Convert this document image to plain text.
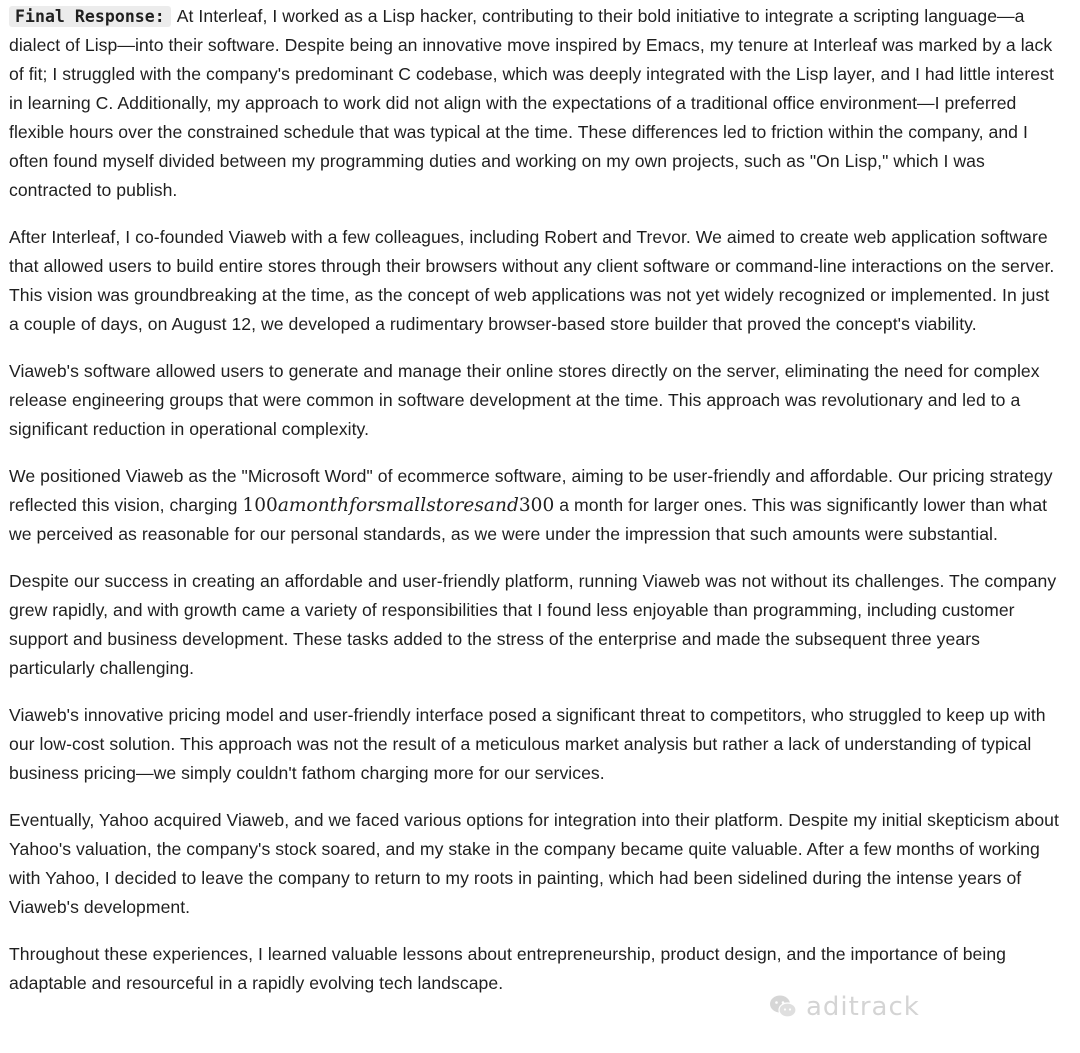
Final Response: At Interleaf, I worked as a Lisp hacker, contributing to their bold initiative to integrate a scripting language—a dialect of Lisp—into their software. Despite being an innovative move inspired by Emacs, my tenure at Interleaf was marked by a lack of fit; I struggled with the company's predominant C codebase, which was deeply integrated with the Lisp layer, and I had little interest in learning C. Additionally, my approach to work did not align with the expectations of a traditional office environment—I preferred flexible hours over the constrained schedule that was typical at the time. These differences led to friction within the company, and I often found myself divided between my programming duties and working on my own projects, such as "On Lisp," which I was contracted to publish.

After Interleaf, I co-founded Viaweb with a few colleagues, including Robert and Trevor. We aimed to create web application software that allowed users to build entire stores through their browsers without any client software or command-line interactions on the server. This vision was groundbreaking at the time, as the concept of web applications was not yet widely recognized or implemented. In just a couple of days, on August 12, we developed a rudimentary browser-based store builder that proved the concept's viability.

Viaweb's software allowed users to generate and manage their online stores directly on the server, eliminating the need for complex release engineering groups that were common in software development at the time. This approach was revolutionary and led to a significant reduction in operational complexity.

We positioned Viaweb as the "Microsoft Word" of ecommerce software, aiming to be user-friendly and affordable. Our pricing strategy reflected this vision, charging 100amonthforsmallstoresand300 a month for larger ones. This was significantly lower than what we perceived as reasonable for our personal standards, as we were under the impression that such amounts were substantial.

Despite our success in creating an affordable and user-friendly platform, running Viaweb was not without its challenges. The company grew rapidly, and with growth came a variety of responsibilities that I found less enjoyable than programming, including customer support and business development. These tasks added to the stress of the enterprise and made the subsequent three years particularly challenging.

Viaweb's innovative pricing model and user-friendly interface posed a significant threat to competitors, who struggled to keep up with our low-cost solution. This approach was not the result of a meticulous market analysis but rather a lack of understanding of typical business pricing—we simply couldn't fathom charging more for our services.

Eventually, Yahoo acquired Viaweb, and we faced various options for integration into their platform. Despite my initial skepticism about Yahoo's valuation, the company's stock soared, and my stake in the company became quite valuable. After a few months of working with Yahoo, I decided to leave the company to return to my roots in painting, which had been sidelined during the intense years of Viaweb's development.

Throughout these experiences, I learned valuable lessons about entrepreneurship, product design, and the importance of being adaptable and resourceful in a rapidly evolving tech landscape.

aditrack
